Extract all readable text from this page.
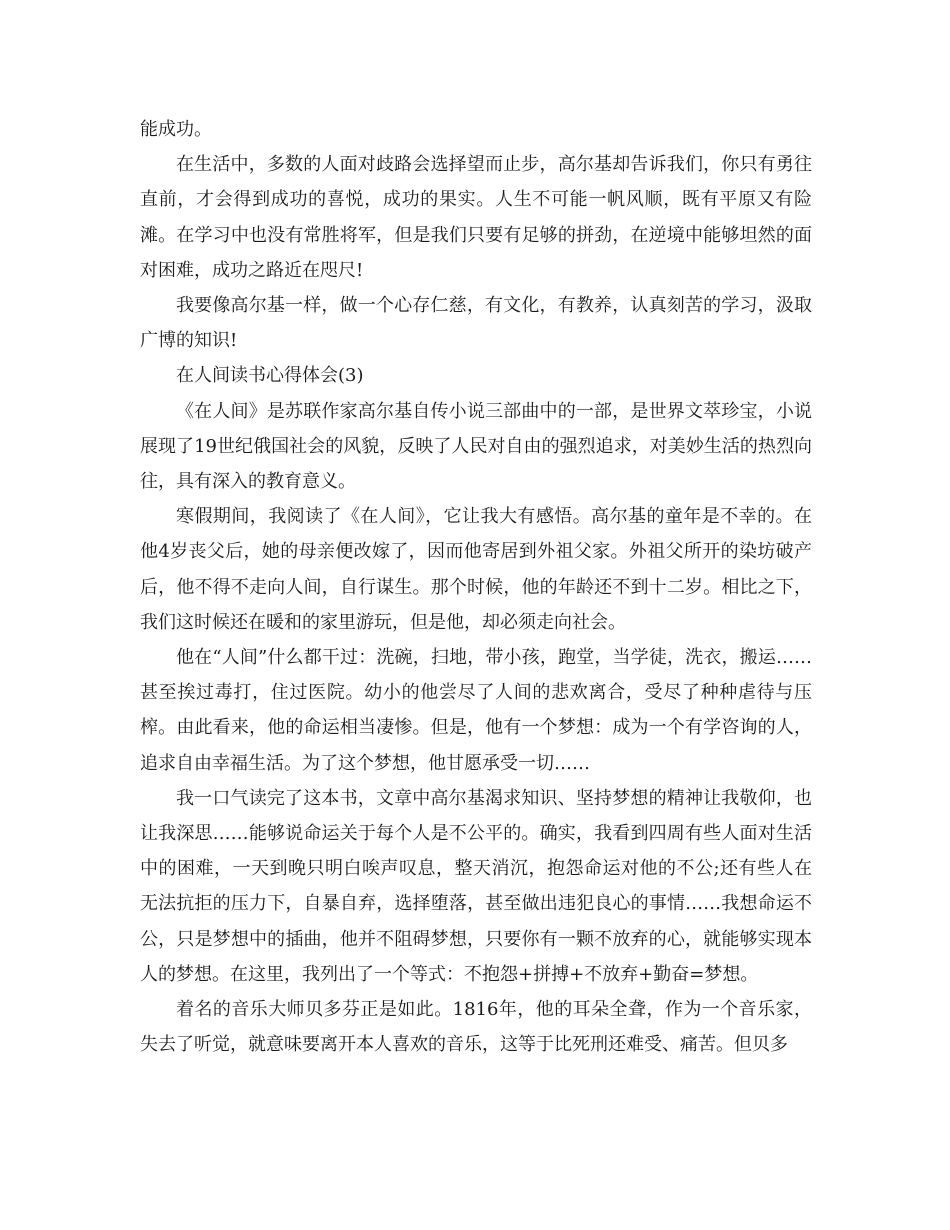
能成功。

在生活中，多数的人面对歧路会选择望而止步，高尔基却告诉我们，你只有勇往直前，才会得到成功的喜悦，成功的果实。人生不可能一帆风顺，既有平原又有险滩。在学习中也没有常胜将军，但是我们只要有足够的拼劲，在逆境中能够坦然的面对困难，成功之路近在咫尺!

我要像高尔基一样，做一个心存仁慈，有文化，有教养，认真刻苦的学习，汲取广博的知识!

在人间读书心得体会(3)

《在人间》是苏联作家高尔基自传小说三部曲中的一部，是世界文萃珍宝，小说展现了19世纪俄国社会的风貌，反映了人民对自由的强烈追求，对美妙生活的热烈向往，具有深入的教育意义。

寒假期间，我阅读了《在人间》，它让我大有感悟。高尔基的童年是不幸的。在他4岁丧父后，她的母亲便改嫁了，因而他寄居到外祖父家。外祖父所开的染坊破产后，他不得不走向人间，自行谋生。那个时候，他的年龄还不到十二岁。相比之下，我们这时候还在暖和的家里游玩，但是他，却必须走向社会。

他在“人间”什么都干过：洗碗，扫地，带小孩，跑堂，当学徒，洗衣，搬运……甚至挨过毒打，住过医院。幼小的他尝尽了人间的悲欢离合，受尽了种种虐待与压榨。由此看来，他的命运相当凄惨。但是，他有一个梦想：成为一个有学咨询的人，追求自由幸福生活。为了这个梦想，他甘愿承受一切……

我一口气读完了这本书，文章中高尔基渴求知识、坚持梦想的精神让我敬仰，也让我深思……能够说命运关于每个人是不公平的。确实，我看到四周有些人面对生活中的困难，一天到晚只明白唉声叹息，整天消沉，抱怨命运对他的不公;还有些人在无法抗拒的压力下，自暴自弃，选择堕落，甚至做出违犯良心的事情……我想命运不公，只是梦想中的插曲，他并不阻碍梦想，只要你有一颗不放弃的心，就能够实现本人的梦想。在这里，我列出了一个等式：不抱怨+拼搏+不放弃+勤奋=梦想。

着名的音乐大师贝多芬正是如此。1816年，他的耳朵全聋，作为一个音乐家，失去了听觉，就意味要离开本人喜欢的音乐，这等于比死刑还难受、痛苦。但贝多
